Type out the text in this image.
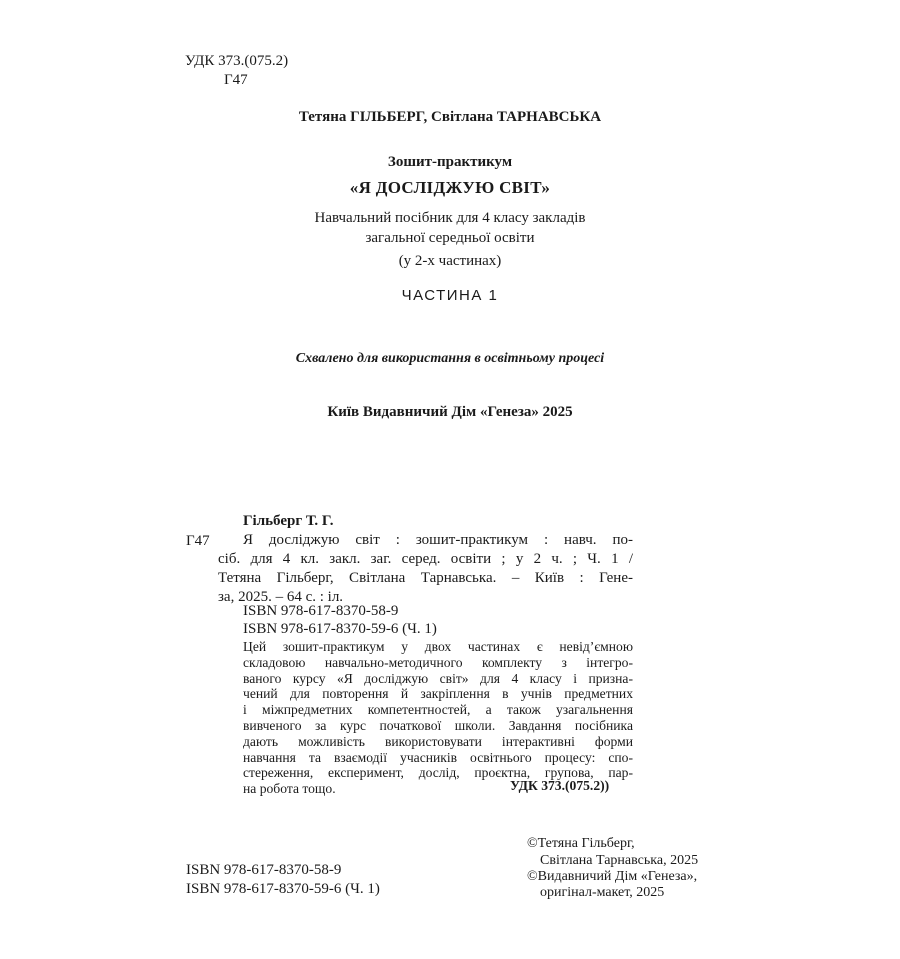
УДК 373.(075.2)
Г47
Тетяна ГІЛЬБЕРГ, Світлана ТАРНАВСЬКА
Зошит-практикум
«Я ДОСЛІДЖУЮ СВІТ»
Навчальний посібник для 4 класу закладів
загальної середньої освіти
(у 2-х частинах)
ЧАСТИНА 1
Схвалено для використання в освітньому процесі
Київ Видавничий Дім «Генеза» 2025
Гільберг Т. Г.
Г47 Я досліджую світ : зошит-практикум : навч. по-
сіб. для 4 кл. закл. заг. серед. освіти ; у 2 ч. ; Ч. 1 /
Тетяна Гільберг, Світлана Тарнавська. – Київ : Гене-
за, 2025. – 64 с. : іл.
ISBN 978-617-8370-58-9
ISBN 978-617-8370-59-6 (Ч. 1)
Цей зошит-практикум у двох частинах є невід’ємною
складовою навчально-методичного комплекту з інтегро-
ваного курсу «Я досліджую світ» для 4 класу і призна-
чений для повторення й закріплення в учнів предметних
і міжпредметних компетентностей, а також узагальнення
вивченого за курс початкової школи. Завдання посібника
дають можливість використовувати інтерактивні форми
навчання та взаємодії учасників освітнього процесу: спо-
стереження, експеримент, дослід, проєктна, групова, пар-
на робота тощо.	УДК 373.(075.2))
ISBN 978-617-8370-58-9
ISBN 978-617-8370-59-6 (Ч. 1)
©Тетяна Гільберг,
Світлана Тарнавська, 2025
©Видавничий Дім «Генеза»,
оригінал-макет, 2025
